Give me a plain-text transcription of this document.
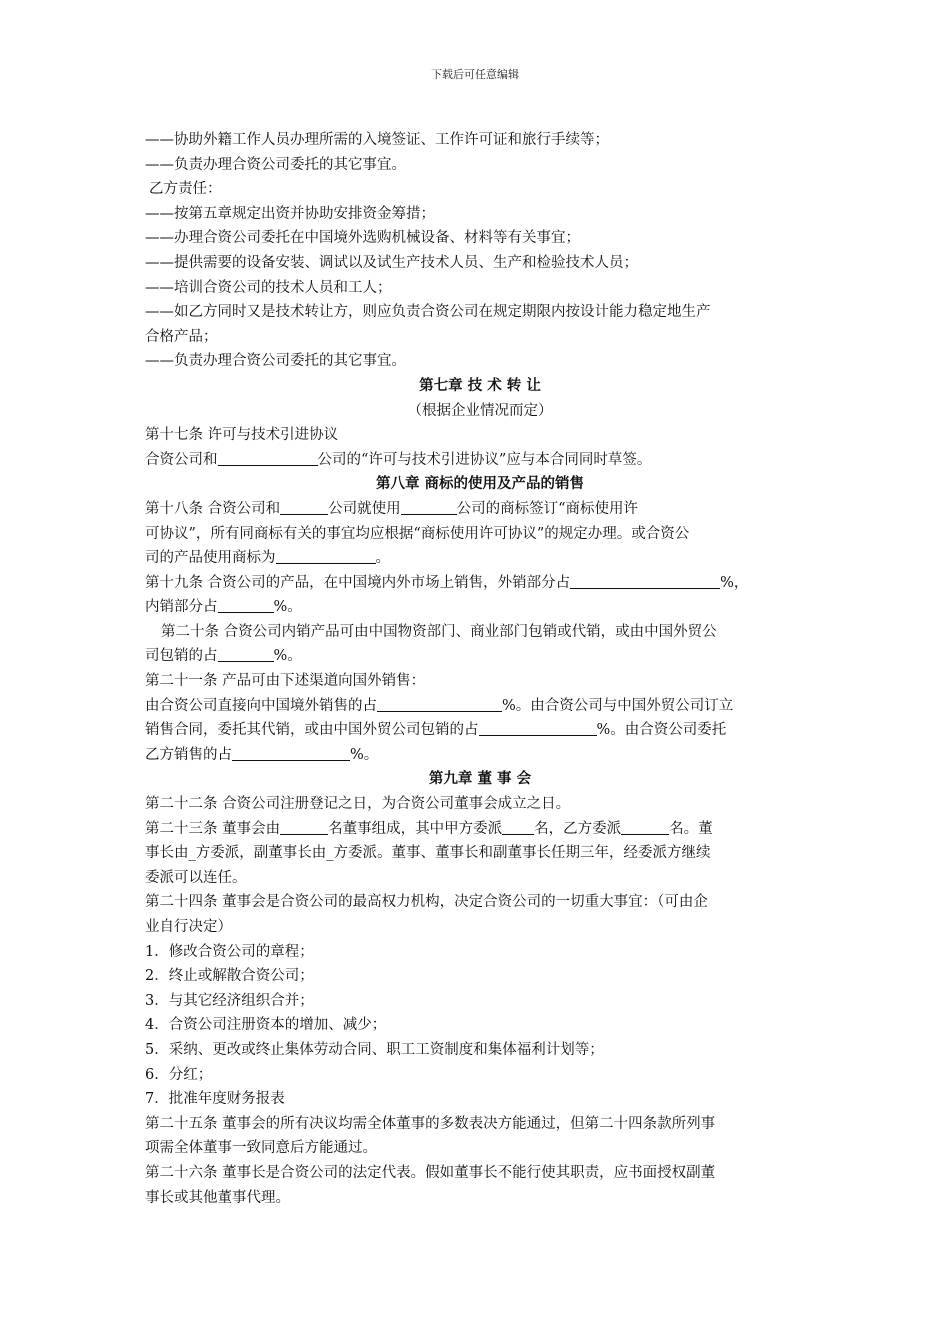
下载后可任意编辑
——协助外籍工作人员办理所需的入境签证、工作许可证和旅行手续等；
——负责办理合资公司委托的其它事宜。
乙方责任：
——按第五章规定出资并协助安排资金筹措；
——办理合资公司委托在中国境外选购机械设备、材料等有关事宜；
——提供需要的设备安装、调试以及试生产技术人员、生产和检验技术人员；
——培训合资公司的技术人员和工人；
——如乙方同时又是技术转让方，则应负责合资公司在规定期限内按设计能力稳定地生产
合格产品；
——负责办理合资公司委托的其它事宜。
第七章 技 术 转 让
（根据企业情况而定）
第十七条 许可与技术引进协议
合资公司和	公司的“许可与技术引进协议”应与本合同同时草签。
第八章 商标的使用及产品的销售
第十八条 合资公司和	公司就使用	公司的商标签订“商标使用许
可协议”，所有同商标有关的事宜均应根据“商标使用许可协议”的规定办理。或合资公
司的产品使用商标为	。
第十九条 合资公司的产品，在中国境内外市场上销售，外销部分占	%，
内销部分占	%。
第二十条 合资公司内销产品可由中国物资部门、商业部门包销或代销，或由中国外贸公
司包销的占	%。
第二十一条 产品可由下述渠道向国外销售：
由合资公司直接向中国境外销售的占	%。由合资公司与中国外贸公司订立
销售合同，委托其代销，或由中国外贸公司包销的占	%。由合资公司委托
乙方销售的占	%。
第九章 董 事 会
第二十二条 合资公司注册登记之日，为合资公司董事会成立之日。
第二十三条 董事会由	名董事组成，其中甲方委派 名，乙方委派	名。董
事长由_方委派，副董事长由_方委派。董事、董事长和副董事长任期三年，经委派方继续
委派可以连任。
第二十四条 董事会是合资公司的最高权力机构，决定合资公司的一切重大事宜：（可由企
业自行决定）
1．修改合资公司的章程；
2．终止或解散合资公司；
3．与其它经济组织合并；
4．合资公司注册资本的增加、减少；
5．采纳、更改或终止集体劳动合同、职工工资制度和集体福利计划等；
6．分红；
7．批准年度财务报表
第二十五条 董事会的所有决议均需全体董事的多数表决方能通过，但第二十四条款所列事
项需全体董事一致同意后方能通过。
第二十六条 董事长是合资公司的法定代表。假如董事长不能行使其职责，应书面授权副董
事长或其他董事代理。
